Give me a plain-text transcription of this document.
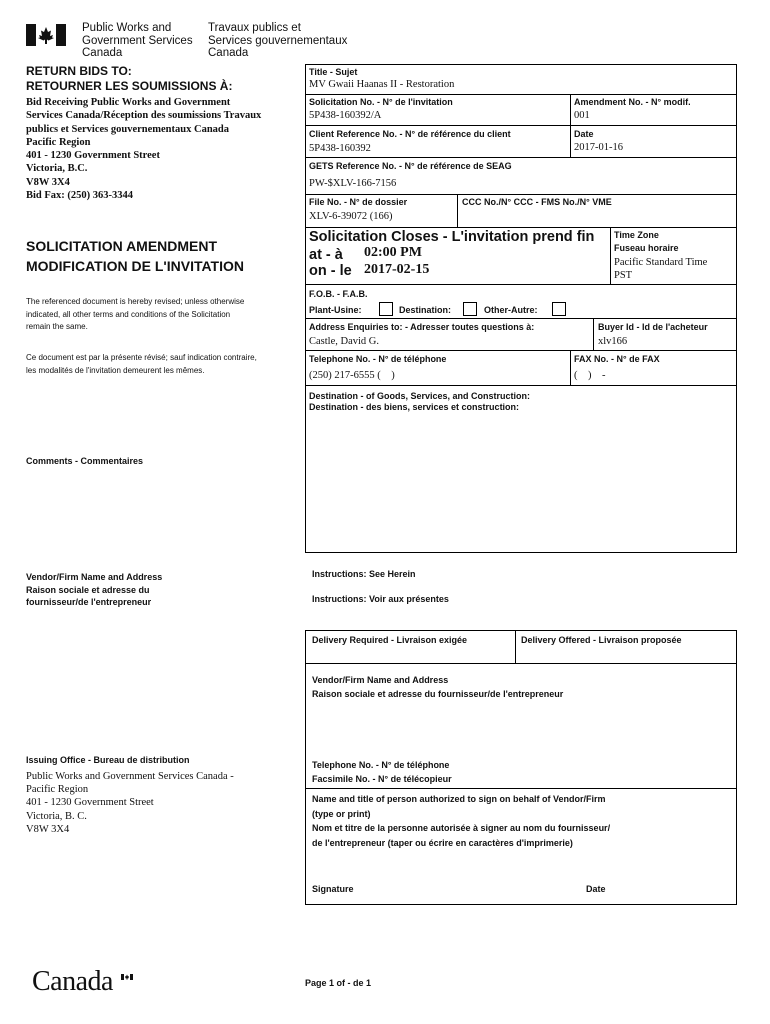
Public Works and
Government Services
Canada
Travaux publics et
Services gouvernementaux
Canada
RETURN BIDS TO:
RETOURNER LES SOUMISSIONS À:
Bid Receiving Public Works and Government
Services Canada/Réception des soumissions Travaux
publics et Services gouvernementaux Canada
Pacific Region
401 - 1230 Government Street
Victoria, B.C.
V8W 3X4
Bid Fax: (250) 363-3344
SOLICITATION AMENDMENT
MODIFICATION DE L'INVITATION
The referenced document is hereby revised; unless otherwise
indicated, all other terms and conditions of the Solicitation
remain the same.
Ce document est par la présente révisé; sauf indication contraire,
les modalités de l'invitation demeurent les mêmes.
Comments - Commentaires
Vendor/Firm Name and Address
Raison sociale et adresse du
fournisseur/de l'entrepreneur
Issuing Office - Bureau de distribution
Public Works and Government Services Canada -
Pacific Region
401 - 1230 Government Street
Victoria, B. C.
V8W 3X4
Title - Sujet
MV Gwaii Haanas II - Restoration
Solicitation No. - N° de l'invitation
5P438-160392/A
Amendment No. - N° modif.
001
Client Reference No. - N° de référence du client
5P438-160392
Date
2017-01-16
GETS Reference No. - N° de référence de SEAG
PW-$XLV-166-7156
File No. - N° de dossier
XLV-6-39072 (166)
CCC No./N° CCC - FMS No./N° VME
Solicitation Closes - L'invitation prend fin
at - à 02:00 PM
on - le 2017-02-15
Time Zone
Fuseau horaire
Pacific Standard Time
PST
F.O.B. - F.A.B.
Plant-Usine:	Destination:	Other-Autre:
Address Enquiries to: - Adresser toutes questions à:
Castle, David G.
Buyer Id - Id de l'acheteur
xlv166
Telephone No. - N° de téléphone
(250) 217-6555 (    )
FAX No. - N° de FAX
(    )    -
Destination - of Goods, Services, and Construction:
Destination - des biens, services et construction:
Instructions: See Herein
Instructions: Voir aux présentes
Delivery Required - Livraison exigée	Delivery Offered - Livraison proposée
Vendor/Firm Name and Address
Raison sociale et adresse du fournisseur/de l'entrepreneur
Telephone No. - N° de téléphone
Facsimile No. - N° de télécopieur
Name and title of person authorized to sign on behalf of Vendor/Firm
(type or print)
Nom et titre de la personne autorisée à signer au nom du fournisseur/
de l'entrepreneur (taper ou écrire en caractères d'imprimerie)
Signature	Date
Canada	Page 1 of - de 1
